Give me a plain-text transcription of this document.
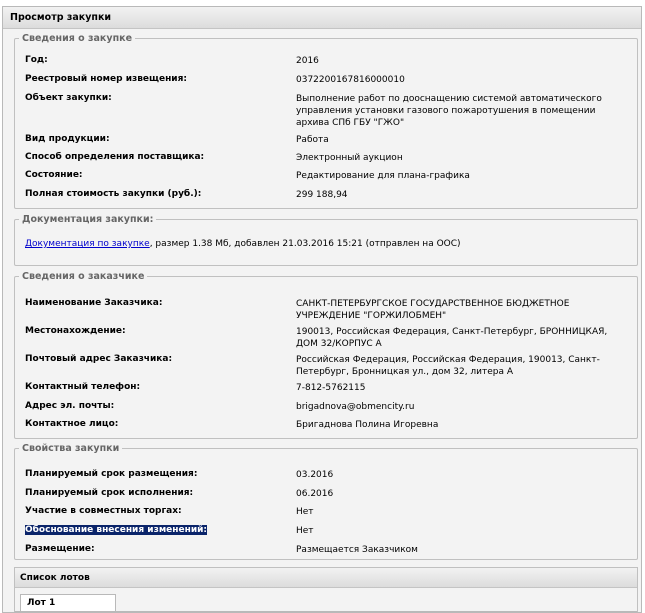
Просмотр закупки
Сведения о закупке
Год:	2016
Реестровый номер извещения:	0372200167816000010
Объект закупки:	Выполнение работ по дооснащению системой автоматического управления установки газового пожаротушения в помещении архива СПб ГБУ "ГЖО"
Вид продукции:	Работа
Способ определения поставщика:	Электронный аукцион
Состояние:	Редактирование для плана-графика
Полная стоимость закупки (руб.):	299 188,94
Документация закупки:
Документация по закупке, размер 1.38 Мб, добавлен 21.03.2016 15:21 (отправлен на ООС)
Сведения о заказчике
Наименование Заказчика:	САНКТ-ПЕТЕРБУРГСКОЕ ГОСУДАРСТВЕННОЕ БЮДЖЕТНОЕ УЧРЕЖДЕНИЕ "ГОРЖИЛОБМЕН"
Местонахождение:	190013, Российская Федерация, Санкт-Петербург, БРОННИЦКАЯ, ДОМ 32/КОРПУС А
Почтовый адрес Заказчика:	Российская Федерация, Российская Федерация, 190013, Санкт-Петербург, Бронницкая ул., дом 32, литера А
Контактный телефон:	7-812-5762115
Адрес эл. почты:	brigadnova@obmencity.ru
Контактное лицо:	Бригаднова Полина Игоревна
Свойства закупки
Планируемый срок размещения:	03.2016
Планируемый срок исполнения:	06.2016
Участие в совместных торгах:	Нет
Обоснование внесения изменений:	Нет
Размещение:	Размещается Заказчиком
Список лотов
Лот 1
